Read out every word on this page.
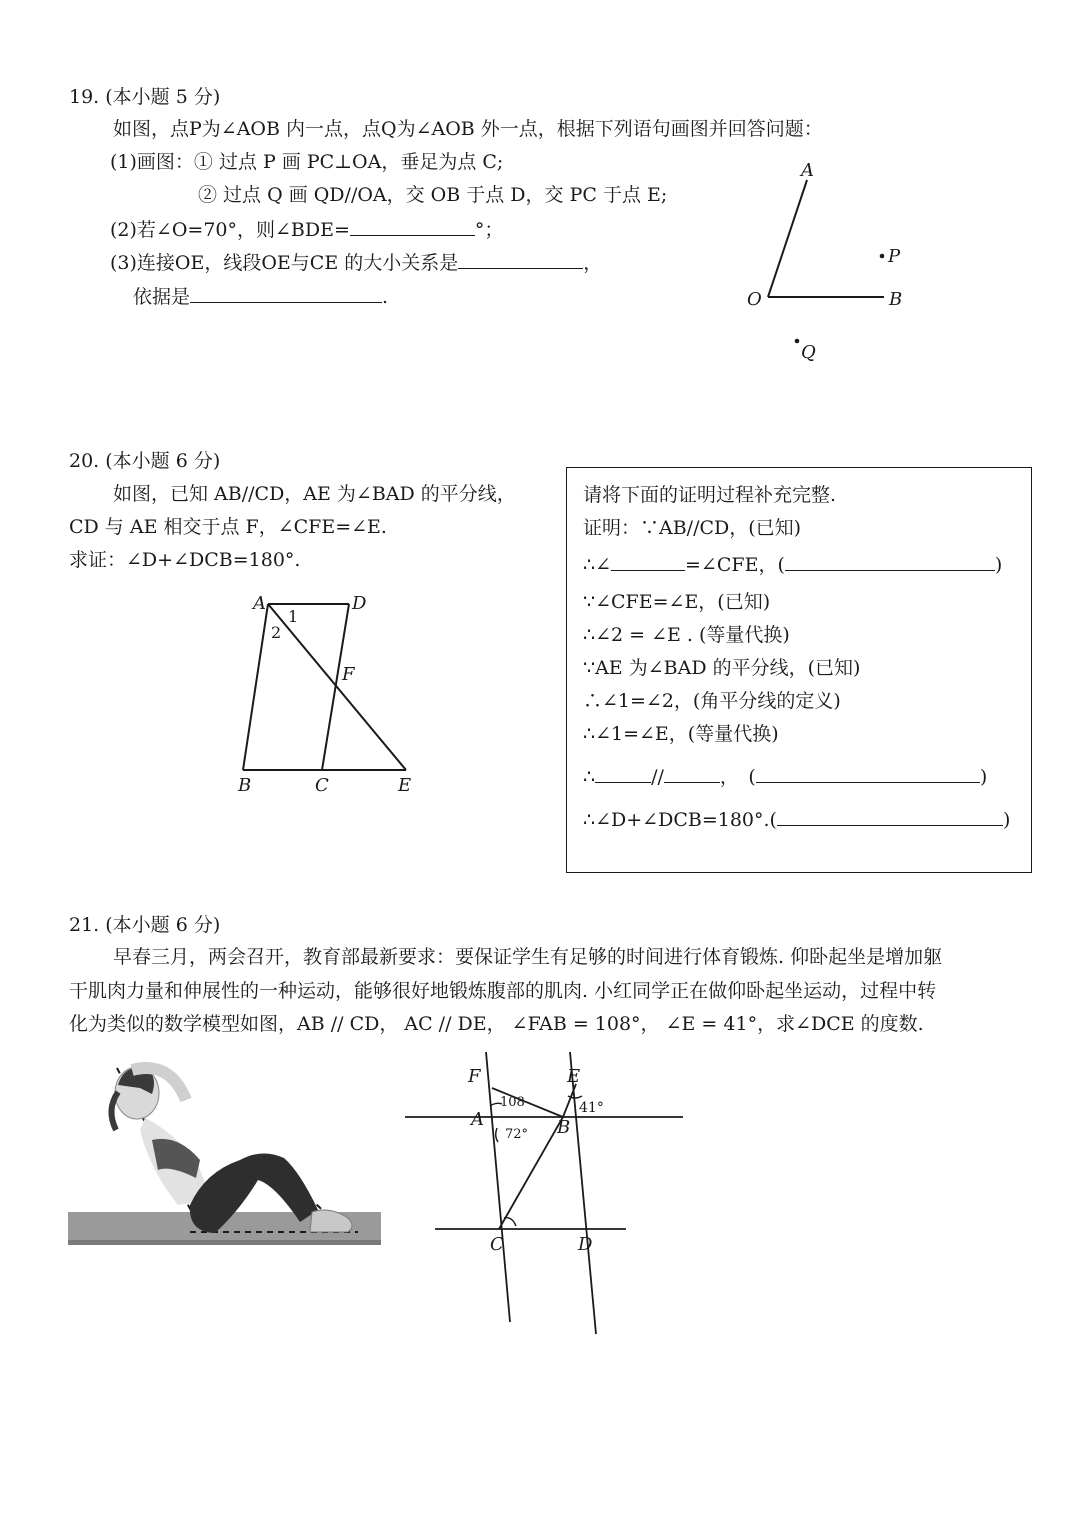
19. (本小题 5 分)
如图，点P为∠AOB 内一点，点Q为∠AOB 外一点，根据下列语句画图并回答问题：
(1)画图：① 过点 P 画 PC⊥OA，垂足为点 C;
② 过点 Q 画 QD//OA，交 OB 于点 D，交 PC 于点 E;
(2)若∠O=70°，则∠BDE=	°；
(3)连接OE，线段OE与CE 的大小关系是	，
依据是	.
A
O	B
P
Q
20. (本小题 6 分)
如图，已知 AB//CD，AE 为∠BAD 的平分线，
CD 与 AE 相交于点 F，∠CFE=∠E.
求证：∠D+∠DCB=180°.
A	D
1
2
F
B	C	E
请将下面的证明过程补充完整.
证明：∵AB//CD，(已知)
∴∠	=∠CFE，(	)
∵∠CFE=∠E，(已知)
∴∠2 = ∠E . (等量代换)
∵AE 为∠BAD 的平分线，(已知)
∴∠1=∠2，(角平分线的定义)
∴∠1=∠E，(等量代换)
∴	//	，　(	)
∴∠D+∠DCB=180°.(	)
21. (本小题 6 分)
早春三月，两会召开，教育部最新要求：要保证学生有足够的时间进行体育锻炼. 仰卧起坐是增加躯
干肌肉力量和伸展性的一种运动，能够很好地锻炼腹部的肌肉. 小红同学正在做仰卧起坐运动，过程中转
化为类似的数学模型如图，AB // CD， AC // DE， ∠FAB = 108°， ∠E = 41°，求∠DCE 的度数.
F	E
A	B
C	D
108
72°
41°
